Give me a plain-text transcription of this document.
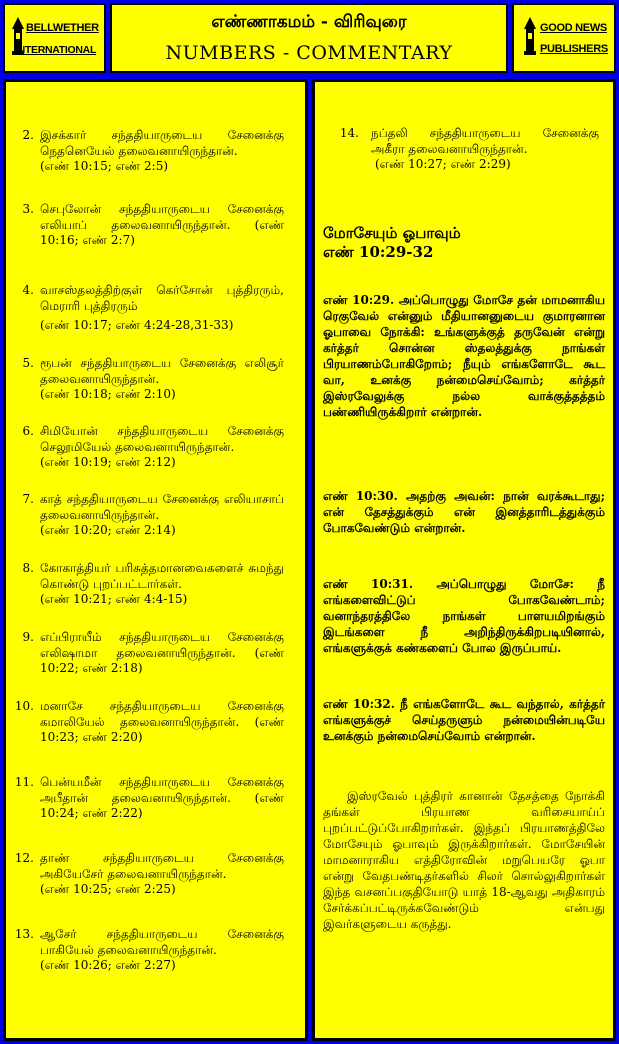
BELLWETHER
INTERNATIONAL
எண்ணாகமம் - விரிவுரை
NUMBERS - COMMENTARY
GOOD NEWS
PUBLISHERS
2. இசக்கார் சந்ததியாருடைய சேனைக்கு நெதனெயேல் தலைவனாயிருந்தான்.
(எண் 10:15; எண் 2:5)
3. செபுலோன் சந்ததியாருடைய சேனைக்கு எலியாப் தலைவனாயிருந்தான். (எண் 10:16; எண் 2:7)
4. வாசஸ்தலத்திற்குள் கெர்சோன் புத்திரரும், மெராரி புத்திரரும்
(எண் 10:17; எண் 4:24-28,31-33)
5. ரூபன் சந்ததியாருடைய சேனைக்கு எலிசூர் தலைவனாயிருந்தான்.
(எண் 10:18; எண் 2:10)
6. சிமியோன் சந்ததியாருடைய சேனைக்கு செலூமியேல் தலைவனாயிருந்தான்.
(எண் 10:19; எண் 2:12)
7. காத் சந்ததியாருடைய சேனைக்கு எலியாசாப் தலைவனாயிருந்தான்.
(எண் 10:20; எண் 2:14)
8. கோகாத்தியர் பரிசுத்தமானவைகளைச் சுமந்து கொண்டு புறப்பட்டார்கள்.
(எண் 10:21; எண் 4:4-15)
9. எப்பிராயீம் சந்ததியாருடைய சேனைக்கு எலிஷாமா தலைவனாயிருந்தான். (எண் 10:22; எண் 2:18)
10. மனாசே சந்ததியாருடைய சேனைக்கு கமாலியேல் தலைவனாயிருந்தான். (எண் 10:23; எண் 2:20)
11. பென்யமீன் சந்ததியாருடைய சேனைக்கு அபீதான் தலைவனாயிருந்தான். (எண் 10:24; எண் 2:22)
12. தாண் சந்ததியாருடைய சேனைக்கு அகியேசேர் தலைவனாயிருந்தான்.
(எண் 10:25; எண் 2:25)
13. ஆசேர் சந்ததியாருடைய சேனைக்கு பாகியேல் தலைவனாயிருந்தான்.
(எண் 10:26; எண் 2:27)
14. நப்தலி சந்ததியாருடைய சேனைக்கு அகீரா தலைவனாயிருந்தான்.
(எண் 10:27; எண் 2:29)
மோசேயும் ஓபாவும்
எண் 10:29-32
எண் 10:29. அப்பொழுது மோசே தன் மாமனாகிய ரெகுவேல் என்னும் மீதியானனுடைய குமாரனான ஓபாவை நோக்கி: உங்களுக்குத் தருவேன் என்று கர்த்தர் சொன்ன ஸ்தலத்துக்கு நாங்கள் பிரயாணம்போகிறோம்; நீயும் எங்களோடே கூட வா, உனக்கு நன்மைசெய்வோம்; கர்த்தர் இஸ்ரவேலுக்கு நல்ல வாக்குத்தத்தம் பண்ணியிருக்கிறார் என்றான்.
எண் 10:30. அதற்கு அவன்: நான் வரக்கூடாது; என் தேசத்துக்கும் என் இனத்தாரிடத்துக்கும் போகவேண்டும் என்றான்.
எண் 10:31. அப்பொழுது மோசே: நீ எங்களைவிட்டுப் போகவேண்டாம்; வனாந்தரத்திலே நாங்கள் பாளயமிறங்கும் இடங்களை நீ அறிந்திருக்கிறபடியினால், எங்களுக்குக் கண்களைப் போல இருப்பாய்.
எண் 10:32. நீ எங்களோடே கூட வந்தால், கர்த்தர் எங்களுக்குச் செய்தருளும் நன்மையின்படியே உனக்கும் நன்மைசெய்வோம் என்றான்.
இஸ்ரவேல் புத்திரர் கானான் தேசத்தை நோக்கி தங்கள் பிரயாண வரிசையாய்ப் புறப்பட்டுப்போகிறார்கள். இந்தப் பிரயாணத்திலே மோசேயும் ஓபாவும் இருக்கிறார்கள். மோசேயின் மாமனாராகிய எத்திரோவின் மறுபெயரே ஓபா என்று வேதபண்டிதர்களில் சிலர் சொல்லுகிறார்கள் இந்த வசனப்பகுதியோடு யாத் 18-ஆவது அதிகாரம் சேர்க்கப்பட்டிருக்கவேண்டும் என்பது இவர்களுடைய கருத்து.
